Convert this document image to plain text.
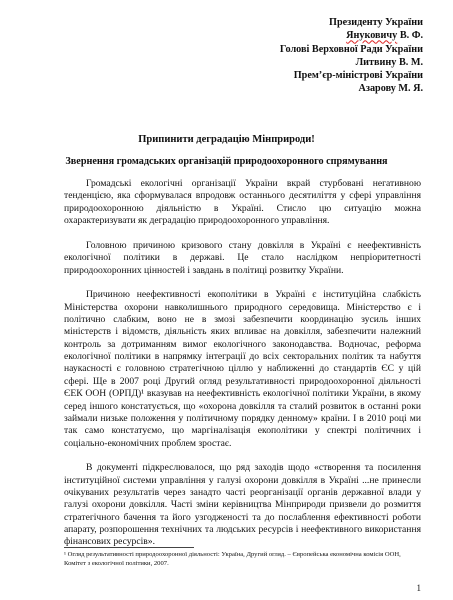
Президенту України
Януковичу В. Ф.
Голові Верховної Ради України
Литвину В. М.
Прем’єр-міністрові України
Азарову М. Я.
Припинити деградацію Мінприроди!
Звернення громадських організацій природоохоронного спрямування

Громадські екологічні організації України вкрай стурбовані негативною тенденцією, яка сформувалася впродовж останнього десятиліття у сфері управління природоохоронною діяльністю в Україні. Стисло цю ситуацію можна охарактеризувати як деградацію природоохоронного управління.

Головною причиною кризового стану довкілля в Україні є неефективність екологічної політики в державі. Це стало наслідком непріоритетності природоохоронних цінностей і завдань в політиці розвитку України.

Причиною неефективності екополітики в Україні є інституційна слабкість Міністерства охорони навколишнього природного середовища. Міністерство є і політично слабким, воно не в змозі забезпечити координацію зусиль інших міністерств і відомств, діяльність яких впливає на довкілля, забезпечити належний контроль за дотриманням вимог екологічного законодавства. Водночас, реформа екологічної політики в напрямку інтеграції до всіх секторальних політик та набуття наукасності є головною стратегічною ціллю у наближенні до стандартів ЄС у цій сфері. Ще в 2007 році Другий огляд результативності природоохоронної діяльності ЄЕК ООН (ОРПД)¹ вказував на неефективність екологічної політики України, в якому серед іншого констатується, що «охорона довкілля та сталий розвиток в останні роки займали низьке положення у політичному порядку денному» країни. І в 2010 році ми так само констатуємо, що маргіналізація екополітики у спектрі політичних і соціально-економічних проблем зростає.

В документі підкреслювалося, що ряд заходів щодо «створення та посилення інституційної системи управління у галузі охорони довкілля в Україні ...не принесли очікуваних результатів через занадто часті реорганізації органів державної влади у галузі охорони довкілля. Часті зміни керівництва Мінприроди призвели до розмиття стратегічного бачення та його узгодженості та до послаблення ефективності роботи апарату, розпорошення технічних та людських ресурсів і неефективного використання фінансових ресурсів».

¹ Огляд результативності природоохоронної діяльності: Україна, Другий огляд. – Європейська економічна комісія ООН, Комітет з екологічної політики, 2007.
1
